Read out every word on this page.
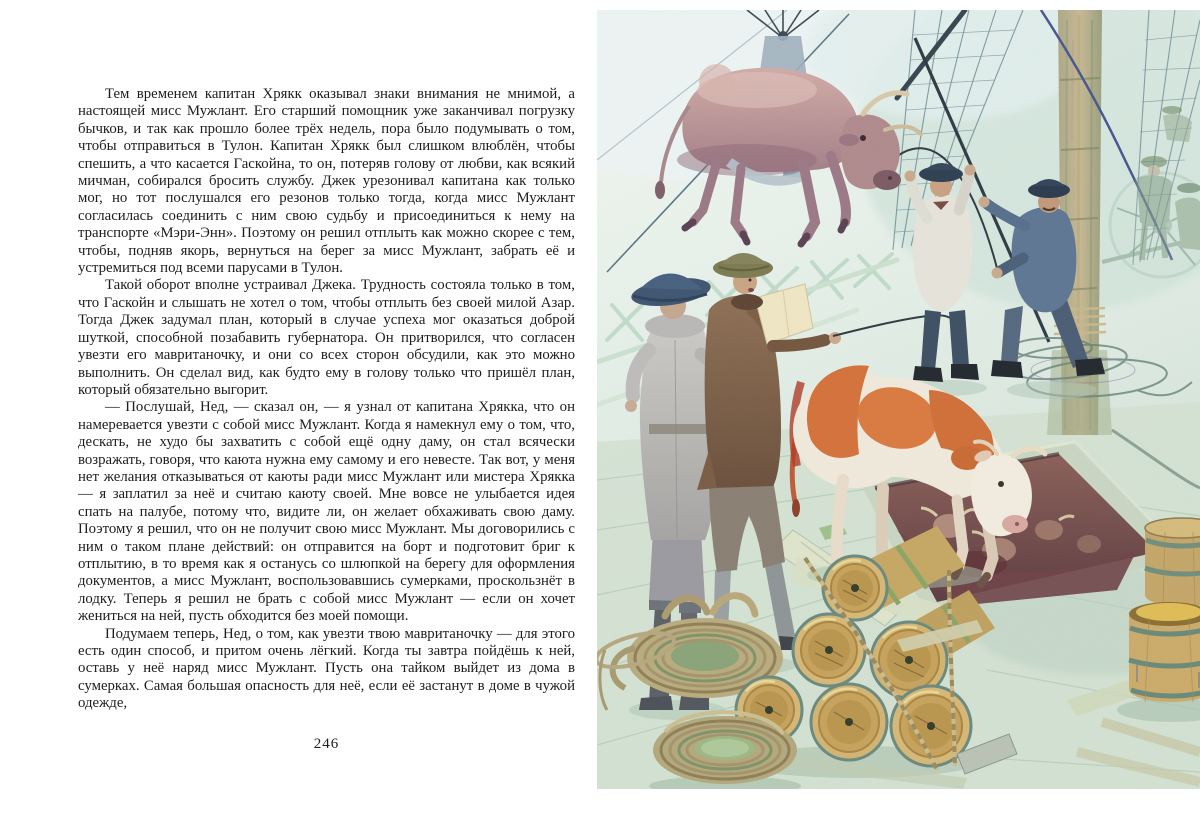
Тем временем капитан Хрякк оказывал знаки внимания не мнимой, а настоящей мисс Мужлант. Его старший помощник уже заканчивал погрузку бычков, и так как прошло более трёх недель, пора было подумывать о том, чтобы отправиться в Тулон. Капитан Хрякк был слишком влюблён, чтобы спешить, а что касается Гаскойна, то он, потеряв голову от любви, как всякий мичман, собирался бросить службу. Джек урезонивал капитана как только мог, но тот послушался его резонов только тогда, когда мисс Мужлант согласилась соединить с ним свою судьбу и присоединиться к нему на транспорте «Мэри-Энн». Поэтому он решил отплыть как можно скорее с тем, чтобы, подняв якорь, вернуться на берег за мисс Мужлант, забрать её и устремиться под всеми парусами в Тулон.

Такой оборот вполне устраивал Джека. Трудность состояла только в том, что Гаскойн и слышать не хотел о том, чтобы отплыть без своей милой Азар. Тогда Джек задумал план, который в случае успеха мог оказаться доброй шуткой, способной позабавить губернатора. Он притворился, что согласен увезти его мавританочку, и они со всех сторон обсудили, как это можно выполнить. Он сделал вид, как будто ему в голову только что пришёл план, который обязательно выгорит.

— Послушай, Нед, — сказал он, — я узнал от капитана Хрякка, что он намеревается увезти с собой мисс Мужлант. Когда я намекнул ему о том, что, дескать, не худо бы захватить с собой ещё одну даму, он стал всячески возражать, говоря, что каюта нужна ему самому и его невесте. Так вот, у меня нет желания отказываться от каюты ради мисс Мужлант или мистера Хрякка — я заплатил за неё и считаю каюту своей. Мне вовсе не улыбается идея спать на палубе, потому что, видите ли, он желает обхаживать свою даму. Поэтому я решил, что он не получит свою мисс Мужлант. Мы договорились с ним о таком плане действий: он отправится на борт и подготовит бриг к отплытию, в то время как я останусь со шлюпкой на берегу для оформления документов, а мисс Мужлант, воспользовавшись сумерками, проскользнёт в лодку. Теперь я решил не брать с собой мисс Мужлант — если он хочет жениться на ней, пусть обходится без моей помощи.

Подумаем теперь, Нед, о том, как увезти твою мавританочку — для этого есть один способ, и притом очень лёгкий. Когда ты завтра пойдёшь к ней, оставь у неё наряд мисс Мужлант. Пусть она тайком выйдет из дома в сумерках. Самая большая опасность для неё, если её застанут в доме в чужой одежде,

246
